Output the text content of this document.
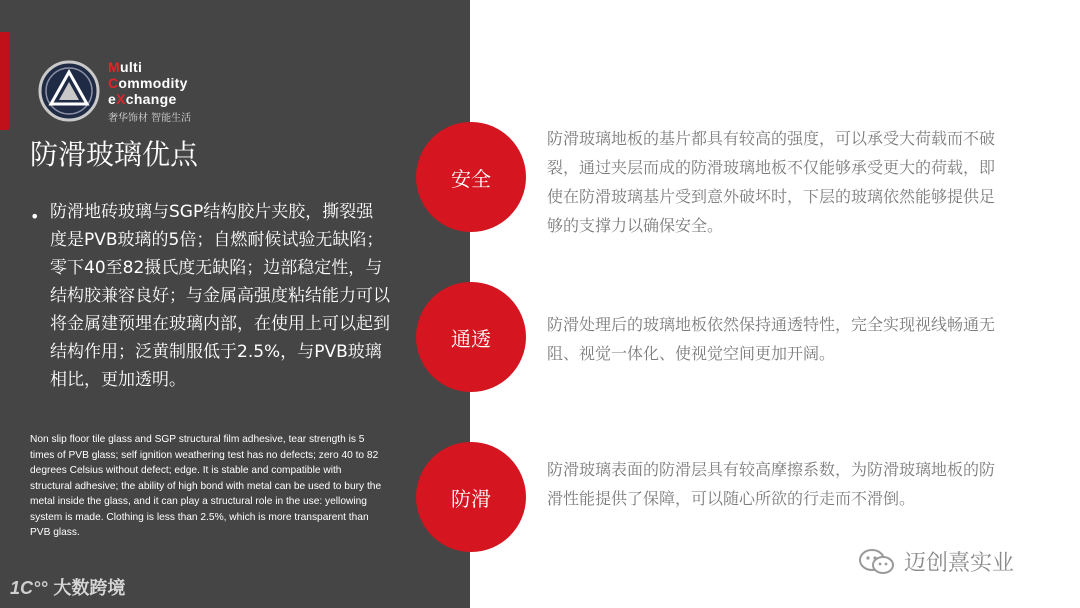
Multi
Commodity
eXchange
奢华饰材 智能生活
防滑玻璃优点
• 防滑地砖玻璃与SGP结构胶片夹胶，撕裂强度是PVB玻璃的5倍；自燃耐候试验无缺陷；零下40至82摄氏度无缺陷；边部稳定性，与结构胶兼容良好；与金属高强度粘结能力可以将金属建预埋在玻璃内部，在使用上可以起到结构作用；泛黄制服低于2.5%，与PVB玻璃相比，更加透明。
Non slip floor tile glass and SGP structural film adhesive, tear strength is 5 times of PVB glass; self ignition weathering test has no defects; zero 40 to 82 degrees Celsius without defect; edge. It is stable and compatible with structural adhesive; the ability of high bond with metal can be used to bury the metal inside the glass, and it can play a structural role in the use: yellowing system is made. Clothing is less than 2.5%, which is more transparent than PVB glass.
1C°° 大数跨境
安全
防滑玻璃地板的基片都具有较高的强度，可以承受大荷载而不破裂，通过夹层而成的防滑玻璃地板不仅能够承受更大的荷载，即使在防滑玻璃基片受到意外破坏时，下层的玻璃依然能够提供足够的支撑力以确保安全。
通透
防滑处理后的玻璃地板依然保持通透特性，完全实现视线畅通无阻、视觉一体化、使视觉空间更加开阔。
防滑
防滑玻璃表面的防滑层具有较高摩擦系数，为防滑玻璃地板的防滑性能提供了保障，可以随心所欲的行走而不滑倒。
迈创熹实业
